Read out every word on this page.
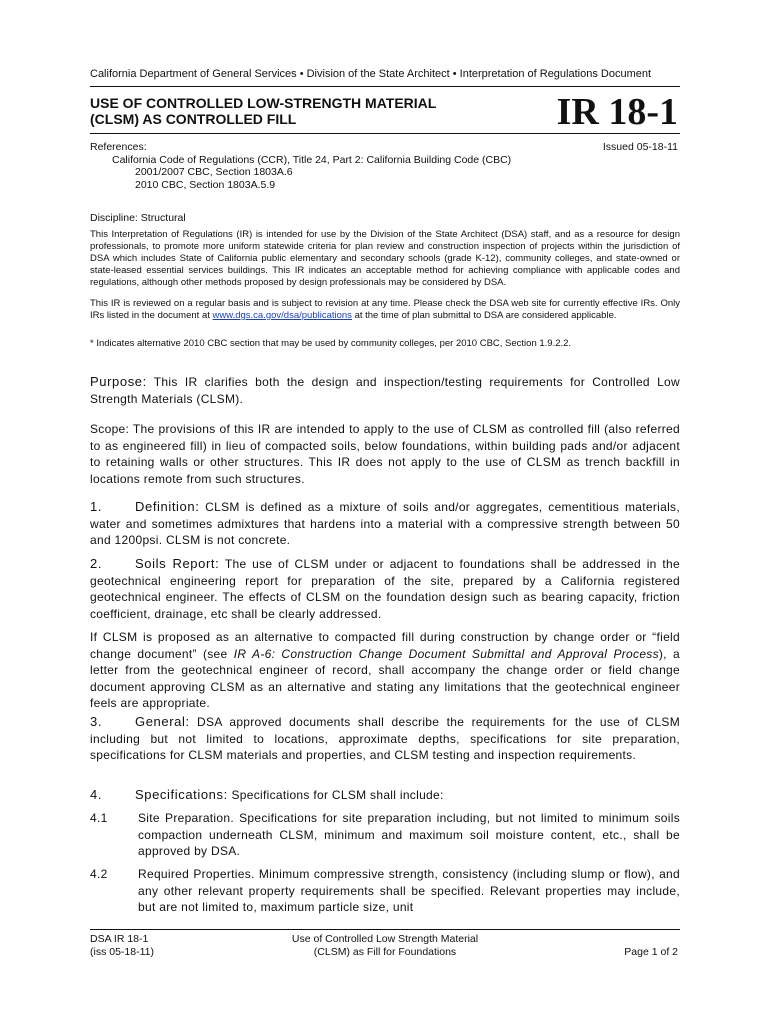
California Department of General Services • Division of the State Architect • Interpretation of Regulations Document
USE OF CONTROLLED LOW-STRENGTH MATERIAL
(CLSM) AS CONTROLLED FILL	IR 18-1
References:
California Code of Regulations (CCR), Title 24, Part 2: California Building Code (CBC)
2001/2007 CBC, Section 1803A.6
2010 CBC, Section 1803A.5.9
Issued 05-18-11
Discipline: Structural
This Interpretation of Regulations (IR) is intended for use by the Division of the State Architect (DSA) staff, and as a resource for design professionals, to promote more uniform statewide criteria for plan review and construction inspection of projects within the jurisdiction of DSA which includes State of California public elementary and secondary schools (grade K-12), community colleges, and state-owned or state-leased essential services buildings. This IR indicates an acceptable method for achieving compliance with applicable codes and regulations, although other methods proposed by design professionals may be considered by DSA.
This IR is reviewed on a regular basis and is subject to revision at any time. Please check the DSA web site for currently effective IRs. Only IRs listed in the document at www.dgs.ca.gov/dsa/publications at the time of plan submittal to DSA are considered applicable.
* Indicates alternative 2010 CBC section that may be used by community colleges, per 2010 CBC, Section 1.9.2.2.
Purpose: This IR clarifies both the design and inspection/testing requirements for Controlled Low Strength Materials (CLSM).
Scope: The provisions of this IR are intended to apply to the use of CLSM as controlled fill (also referred to as engineered fill) in lieu of compacted soils, below foundations, within building pads and/or adjacent to retaining walls or other structures. This IR does not apply to the use of CLSM as trench backfill in locations remote from such structures.
1.	Definition: CLSM is defined as a mixture of soils and/or aggregates, cementitious materials, water and sometimes admixtures that hardens into a material with a compressive strength between 50 and 1200psi. CLSM is not concrete.
2.	Soils Report: The use of CLSM under or adjacent to foundations shall be addressed in the geotechnical engineering report for preparation of the site, prepared by a California registered geotechnical engineer. The effects of CLSM on the foundation design such as bearing capacity, friction coefficient, drainage, etc shall be clearly addressed.
If CLSM is proposed as an alternative to compacted fill during construction by change order or “field change document” (see IR A-6: Construction Change Document Submittal and Approval Process), a letter from the geotechnical engineer of record, shall accompany the change order or field change document approving CLSM as an alternative and stating any limitations that the geotechnical engineer feels are appropriate.
3.	General: DSA approved documents shall describe the requirements for the use of CLSM including but not limited to locations, approximate depths, specifications for site preparation, specifications for CLSM materials and properties, and CLSM testing and inspection requirements.
4.	Specifications: Specifications for CLSM shall include:
4.1	Site Preparation. Specifications for site preparation including, but not limited to minimum soils compaction underneath CLSM, minimum and maximum soil moisture content, etc., shall be approved by DSA.
4.2	Required Properties. Minimum compressive strength, consistency (including slump or flow), and any other relevant property requirements shall be specified. Relevant properties may include, but are not limited to, maximum particle size, unit
DSA IR 18-1
(iss 05-18-11)
Use of Controlled Low Strength Material
(CLSM) as Fill for Foundations	Page 1 of 2
